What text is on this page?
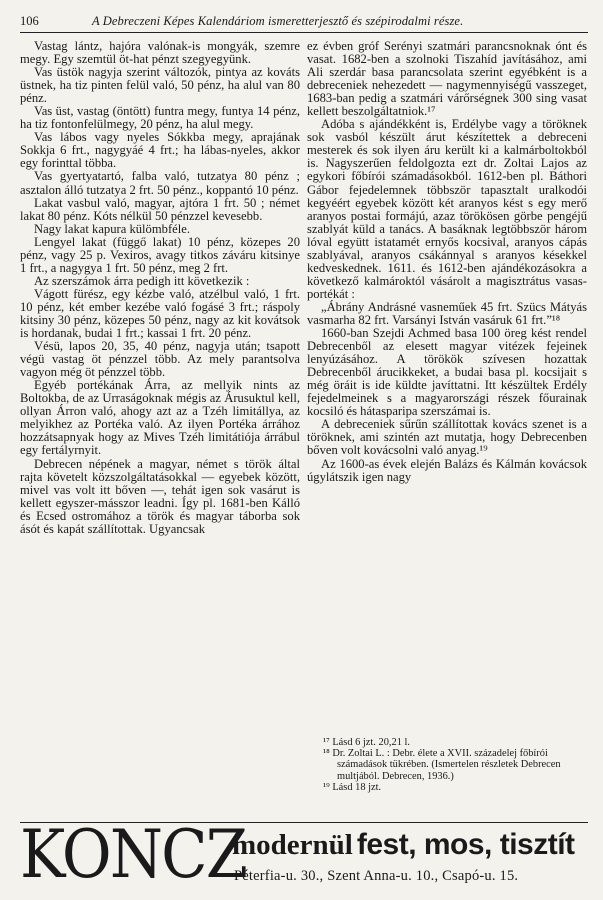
106	A Debreczeni Képes Kalendáriom ismeretterjesztő és szépirodalmi része.

Vastag lántz, hajóra valónak-is mongyák, szemre megy. Egy szemtül öt-hat pénzt szegyegyünk.

Vas üstök nagyja szerint változók, pintya az kováts üstnek, ha tiz pinten felül való, 50 pénz, ha alul van 80 pénz.

Vas üst, vastag (öntött) funtra megy, funtya 14 pénz, ha tiz fontonfelülmegy, 20 pénz, ha alul megy.

Vas lábos vagy nyeles Sókkba megy, aprajának Sokkja 6 frt., nagygyáé 4 frt.; ha lábas-nyeles, akkor egy forinttal többa.

Vas gyertyatartó, falba való, tutzatya 80 pénz ; asztalon álló tutzatya 2 frt. 50 pénz., koppantó 10 pénz.

Lakat vasbul való, magyar, ajtóra 1 frt. 50 ; német lakat 80 pénz. Kóts nélkül 50 pénzzel kevesebb.

Nagy lakat kapura külömbféle.

Lengyel lakat (függő lakat) 10 pénz, közepes 20 pénz, vagy 25 p. Vexiros, avagy titkos záváru kitsinye 1 frt., a nagygya 1 frt. 50 pénz, meg 2 frt.

Az szerszámok árra pedigh itt következik :

Vágott fürész, egy kézbe való, atzélbul való, 1 frt. 10 pénz, két ember kezébe való fogásé 3 frt.; ráspoly kitsiny 30 pénz, közepes 50 pénz, nagy az kit kovátsok is hordanak, budai 1 frt.; kassai 1 frt. 20 pénz.

Vésü, lapos 20, 35, 40 pénz, nagyja után; tsapott végü vastag öt pénzzel több. Az mely parantsolva vagyon még öt pénzzel több.

Egyéb portékának Árra, az mellyik nints az Boltokba, de az Urraságoknak mégis az Árusuktul kell, ollyan Árron való, ahogy azt az a Tzéh limitállya, az melyikhez az Portéka való. Az ilyen Portéka árrához hozzátsapnyak hogy az Mives Tzéh limitátiója árrábul egy fertályrnyit.

Debrecen népének a magyar, német s török által rajta követelt közszolgáltatásokkal — egyebek között, mivel vas volt itt bőven —, tehát igen sok vasárut is kellett egyszer-másszor leadni. Így pl. 1681-ben Kálló és Ecsed ostromához a török és magyar táborba sok ásót és kapát szállítottak. Ugyancsak

ez évben gróf Serényi szatmári parancsnoknak ónt és vasat. 1682-ben a szolnoki Tiszahíd javításához, ami Ali szerdár basa parancsolata szerint egyébként is a debreceniek nehezedett — nagymennyiségű vasszeget, 1683-ban pedig a szatmári várőrségnek 300 sing vasat kellett beszolgáltatniok.¹⁷

Adóba s ajándékként is, Erdélybe vagy a töröknek sok vasból készült árut készítettek a debreceni mesterek és sok ilyen áru került ki a kalmárboltokból is. Nagyszerűen feldolgozta ezt dr. Zoltai Lajos az egykori főbírói számadásokból. 1612-ben pl. Báthori Gábor fejedelemnek többször tapasztalt uralkodói kegyéért egyebek között két aranyos kést s egy merő aranyos postai formájú, azaz törökösen görbe pengéjű szablyát küld a tanács. A basáknak legtöbbször három lóval együtt istatamét ernyős kocsival, aranyos cápás szablyával, aranyos csákánnyal s aranyos késekkel kedveskednek. 1611. és 1612-ben ajándékozásokra a következő kalmároktól vásárolt a magisztrátus vasas-portékát :

„Ábrány Andrásné vasneműek 45 frt. Szücs Mátyás vasmarha 82 frt. Varsányi István vasáruk 61 frt.”¹⁸

1660-ban Szejdi Achmed basa 100 öreg kést rendel Debrecenből az elesett magyar vitézek fejeinek lenyúzásához. A törökök szívesen hozattak Debrecenből árucikkeket, a budai basa pl. kocsijait s még öráit is ide küldte javíttatni. Itt készültek Erdély fejedelmeinek s a magyarországi részek főurainak kocsiló és hátasparipa szerszámai is.

A debreceniek sűrűn szállítottak kovács szenet is a töröknek, ami szintén azt mutatja, hogy Debrecenben bőven volt kovácsolni való anyag.¹⁹

Az 1600-as évek elején Balázs és Kálmán kovácsok úgylátszik igen nagy

¹⁷ Lásd 6 jzt. 20,21 l.

¹⁸ Dr. Zoltai L. : Debr. élete a XVII. századelej főbírói számadások tükrében. (Ismertelen részletek Debrecen multjából. Debrecen, 1936.)

¹⁹ Lásd 18 jzt.

KONCZ
modernül fest, mos, tisztít
Péterfia-u. 30., Szent Anna-u. 10., Csapó-u. 15.
